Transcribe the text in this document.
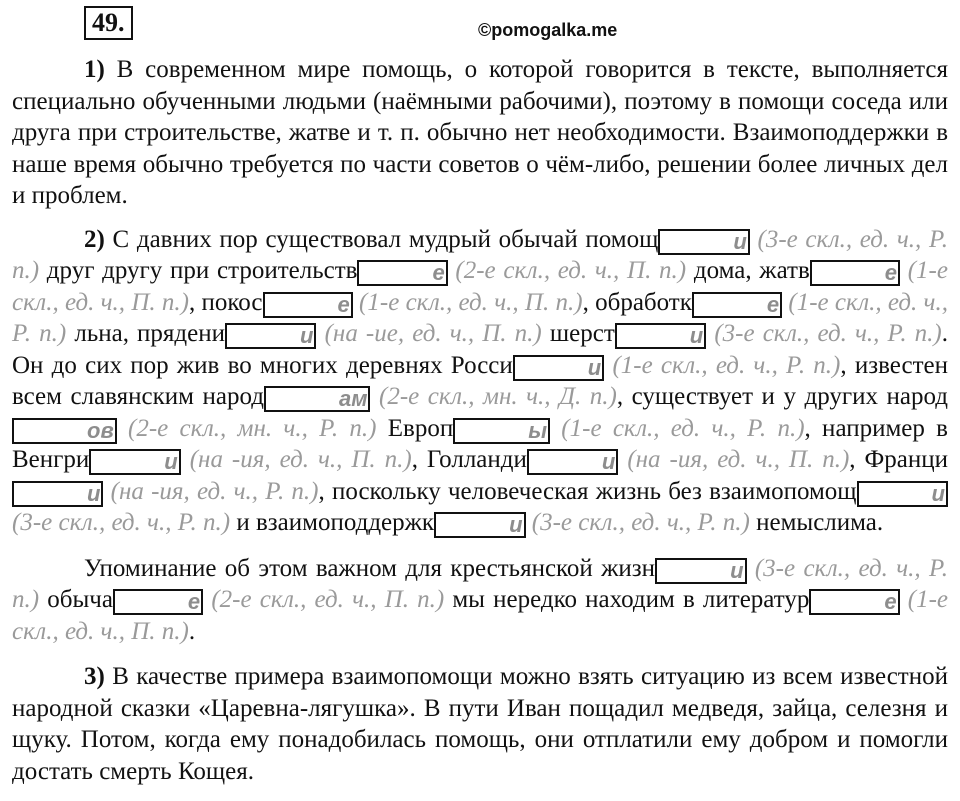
49.	©pomogalka.me

1) В современном мире помощь, о которой говорится в тексте, выполняется специально обученными людьми (наёмными рабочими), поэтому в помощи соседа или друга при строительстве, жатве и т. п. обычно нет необходимости. Взаимоподдержки в наше время обычно требуется по части советов о чём-либо, решении более личных дел и проблем.

2) С давних пор существовал мудрый обычай помощ	и (3-е скл., ед. ч., Р. п.) друг другу при строительств	е (2-е скл., ед. ч., П. п.) дома, жатв	е (1-е скл., ед. ч., П. п.), покос	е (1-е скл., ед. ч., П. п.), обработк	е (1-е скл., ед. ч., Р. п.) льна, прядени	и (на -ие, ед. ч., П. п.) шерст	и (3-е скл., ед. ч., Р. п.). Он до сих пор жив во многих деревнях Росси	и (1-е скл., ед. ч., Р. п.), известен всем славянским народ	ам (2-е скл., мн. ч., Д. п.), существует и у других народов (2-е скл., мн. ч., Р. п.) Европ	ы (1-е скл., ед. ч., Р. п.), например в Венгри	и (на -ия, ед. ч., П. п.), Голланди	и (на -ия, ед. ч., П. п.), Франции (на -ия, ед. ч., Р. п.), поскольку человеческая жизнь без взаимопомощ	и (3-е скл., ед. ч., Р. п.) и взаимоподдержк	и (3-е скл., ед. ч., Р. п.) немыслима.

Упоминание об этом важном для крестьянской жизн	и (3-е скл., ед. ч., Р. п.) обыча	е (2-е скл., ед. ч., П. п.) мы нередко находим в литератур	е (1-е скл., ед. ч., П. п.).

3) В качестве примера взаимопомощи можно взять ситуацию из всем известной народной сказки «Царевна-лягушка». В пути Иван пощадил медведя, зайца, селезня и щуку. Потом, когда ему понадобилась помощь, они отплатили ему добром и помогли достать смерть Кощея.
